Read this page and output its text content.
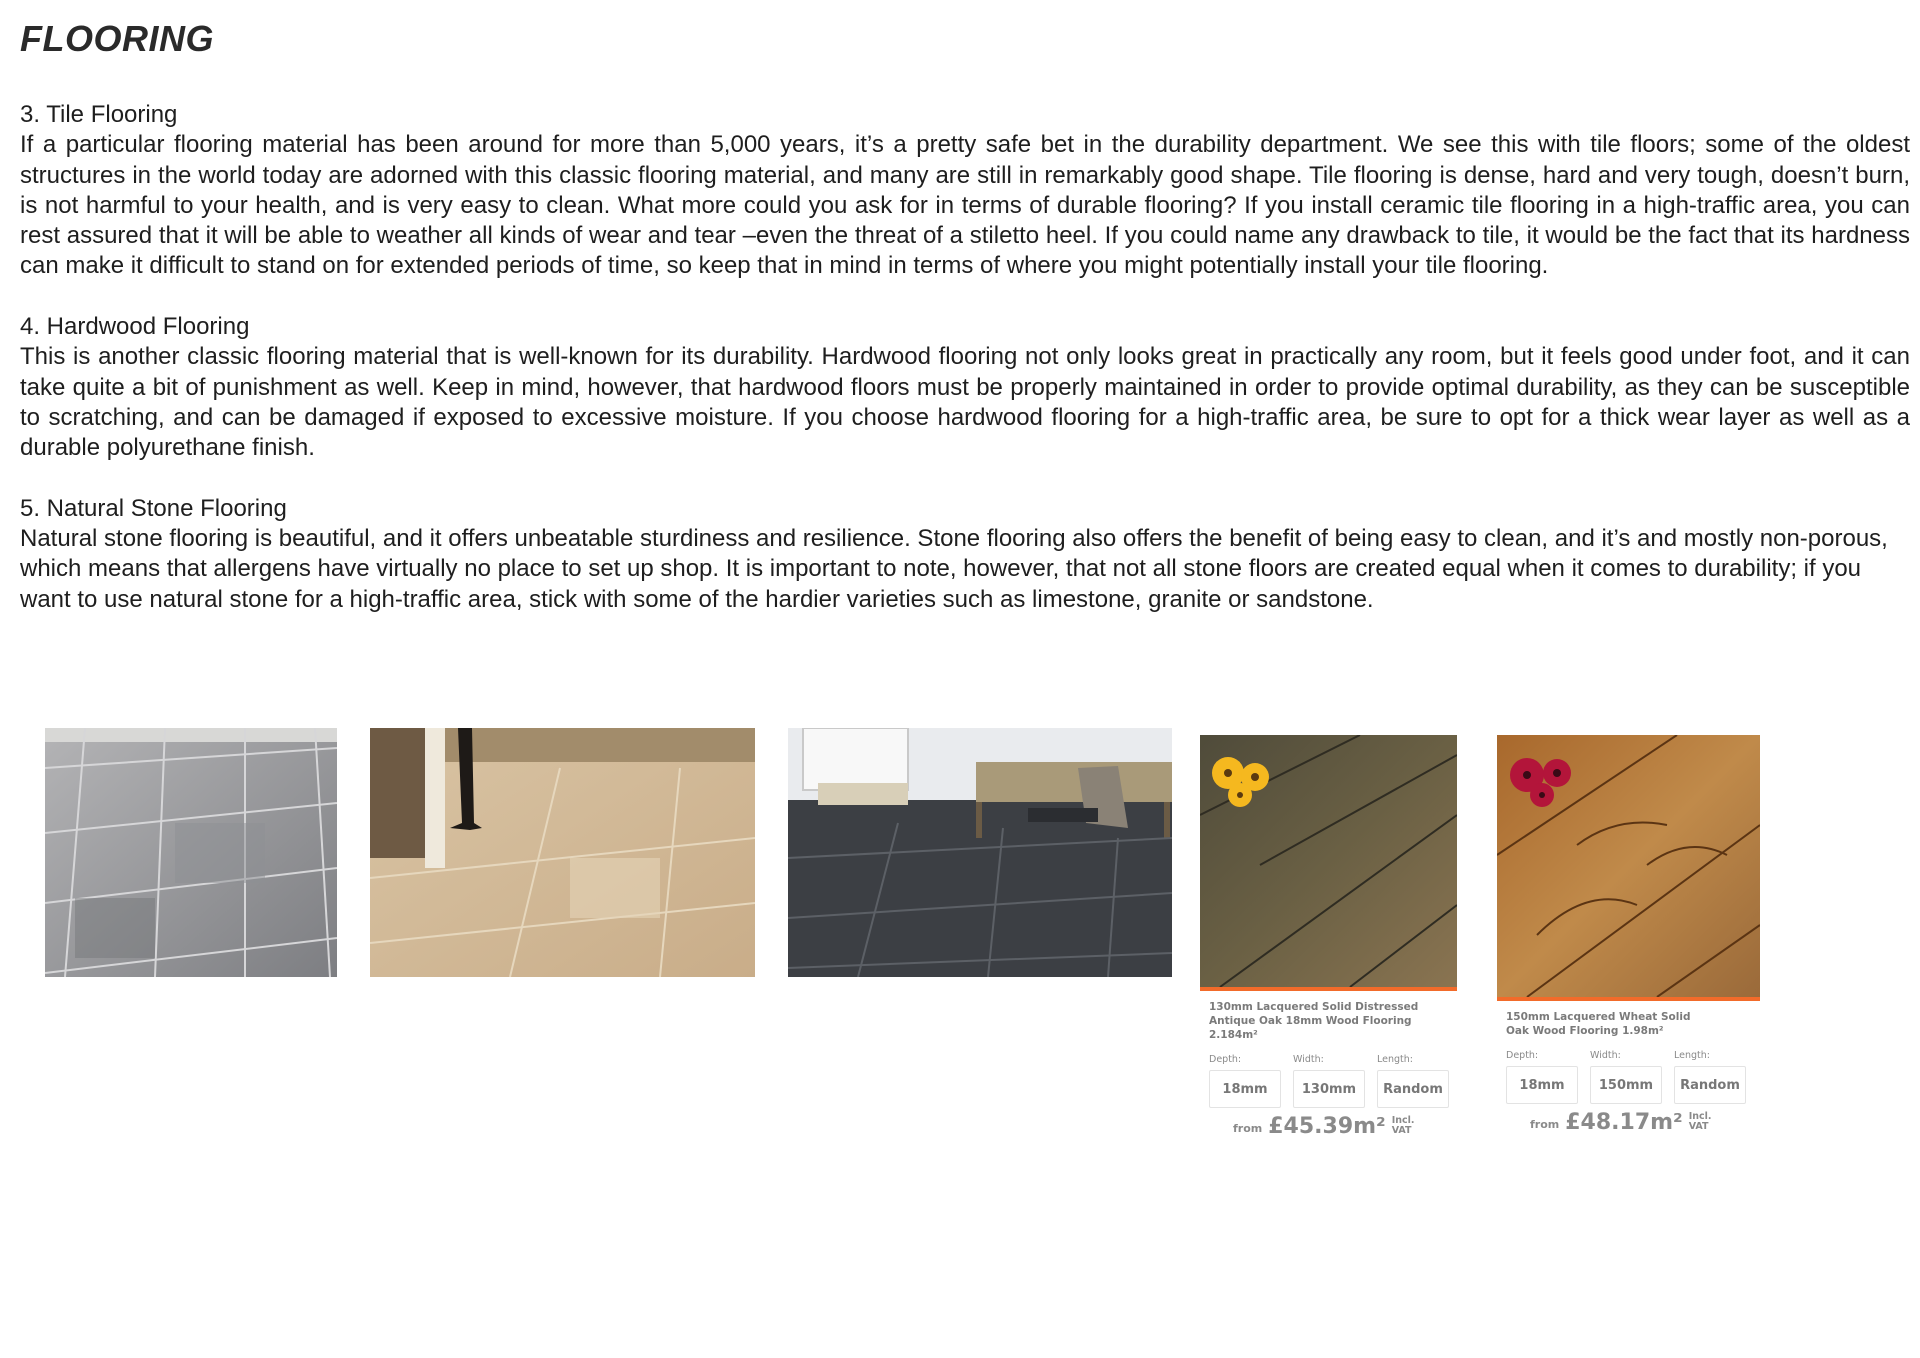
FLOORING
3. Tile Flooring

If a particular flooring material has been around for more than 5,000 years, it’s a pretty safe bet in the durability department. We see this with tile floors; some of the oldest structures in the world today are adorned with this classic flooring material, and many are still in remarkably good shape. Tile flooring is dense, hard and very tough, doesn’t burn, is not harmful to your health, and is very easy to clean. What more could you ask for in terms of durable flooring? If you install ceramic tile flooring in a high-traffic area, you can rest assured that it will be able to weather all kinds of wear and tear –even the threat of a stiletto heel. If you could name any drawback to tile, it would be the fact that its hardness can make it difficult to stand on for extended periods of time, so keep that in mind in terms of where you might potentially install your tile flooring.

4. Hardwood Flooring

This is another classic flooring material that is well-known for its durability. Hardwood flooring not only looks great in practically any room, but it feels good under foot, and it can take quite a bit of punishment as well. Keep in mind, however, that hardwood floors must be properly maintained in order to provide optimal durability, as they can be susceptible to scratching, and can be damaged if exposed to excessive moisture. If you choose hardwood flooring for a high-traffic area, be sure to opt for a thick wear layer as well as a durable polyurethane finish.

5. Natural Stone Flooring

Natural stone flooring is beautiful, and it offers unbeatable sturdiness and resilience. Stone flooring also offers the benefit of being easy to clean, and it’s and mostly non-porous, which means that allergens have virtually no place to set up shop. It is important to note, however, that not all stone floors are created equal when it comes to durability; if you want to use natural stone for a high-traffic area, stick with some of the hardier varieties such as limestone, granite or sandstone.

130mm Lacquered Solid Distressed Antique Oak 18mm Wood Flooring 2.184m²
Depth:
18mm
Width:
130mm
Length:
Random
from £45.39m² Incl.
VAT
150mm Lacquered Wheat Solid Oak Wood Flooring 1.98m²
Depth:
18mm
Width:
150mm
Length:
Random
from £48.17m² Incl.
VAT
